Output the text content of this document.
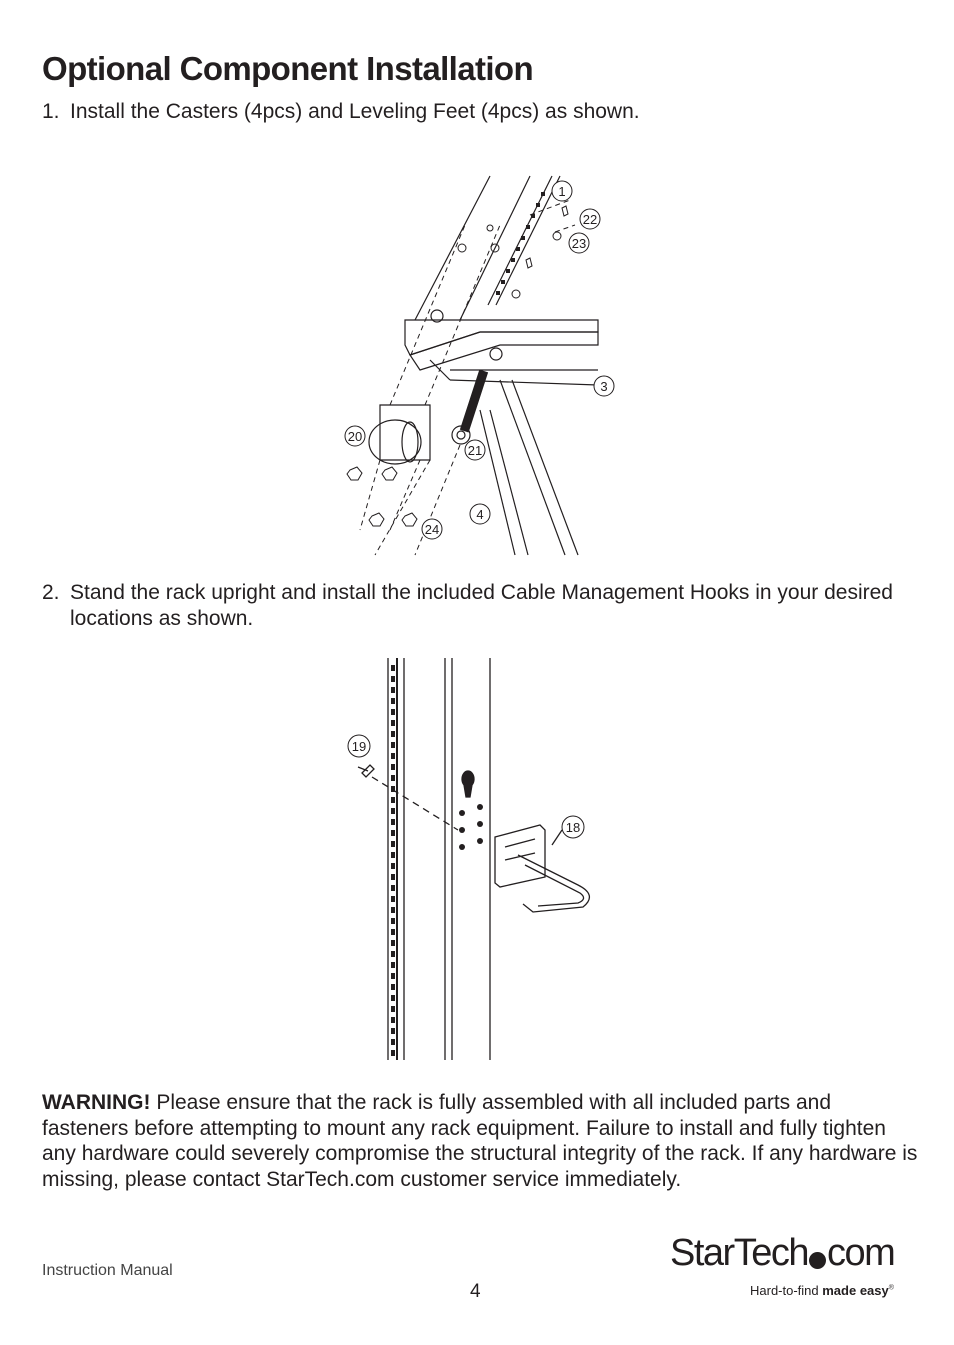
Optional Component Installation

1. Install the Casters (4pcs) and Leveling Feet (4pcs) as shown.

1
22
23
3
20
21
4
24

2. Stand the rack upright and install the included Cable Management Hooks in your desired locations as shown.

19
18

WARNING! Please ensure that the rack is fully assembled with all included parts and fasteners before attempting to mount any rack equipment. Failure to install and fully tighten any hardware could severely compromise the structural integrity of the rack. If any hardware is missing, please contact StarTech.com customer service immediately.

Instruction Manual
4
StarTech com
Hard-to-find made easy®
